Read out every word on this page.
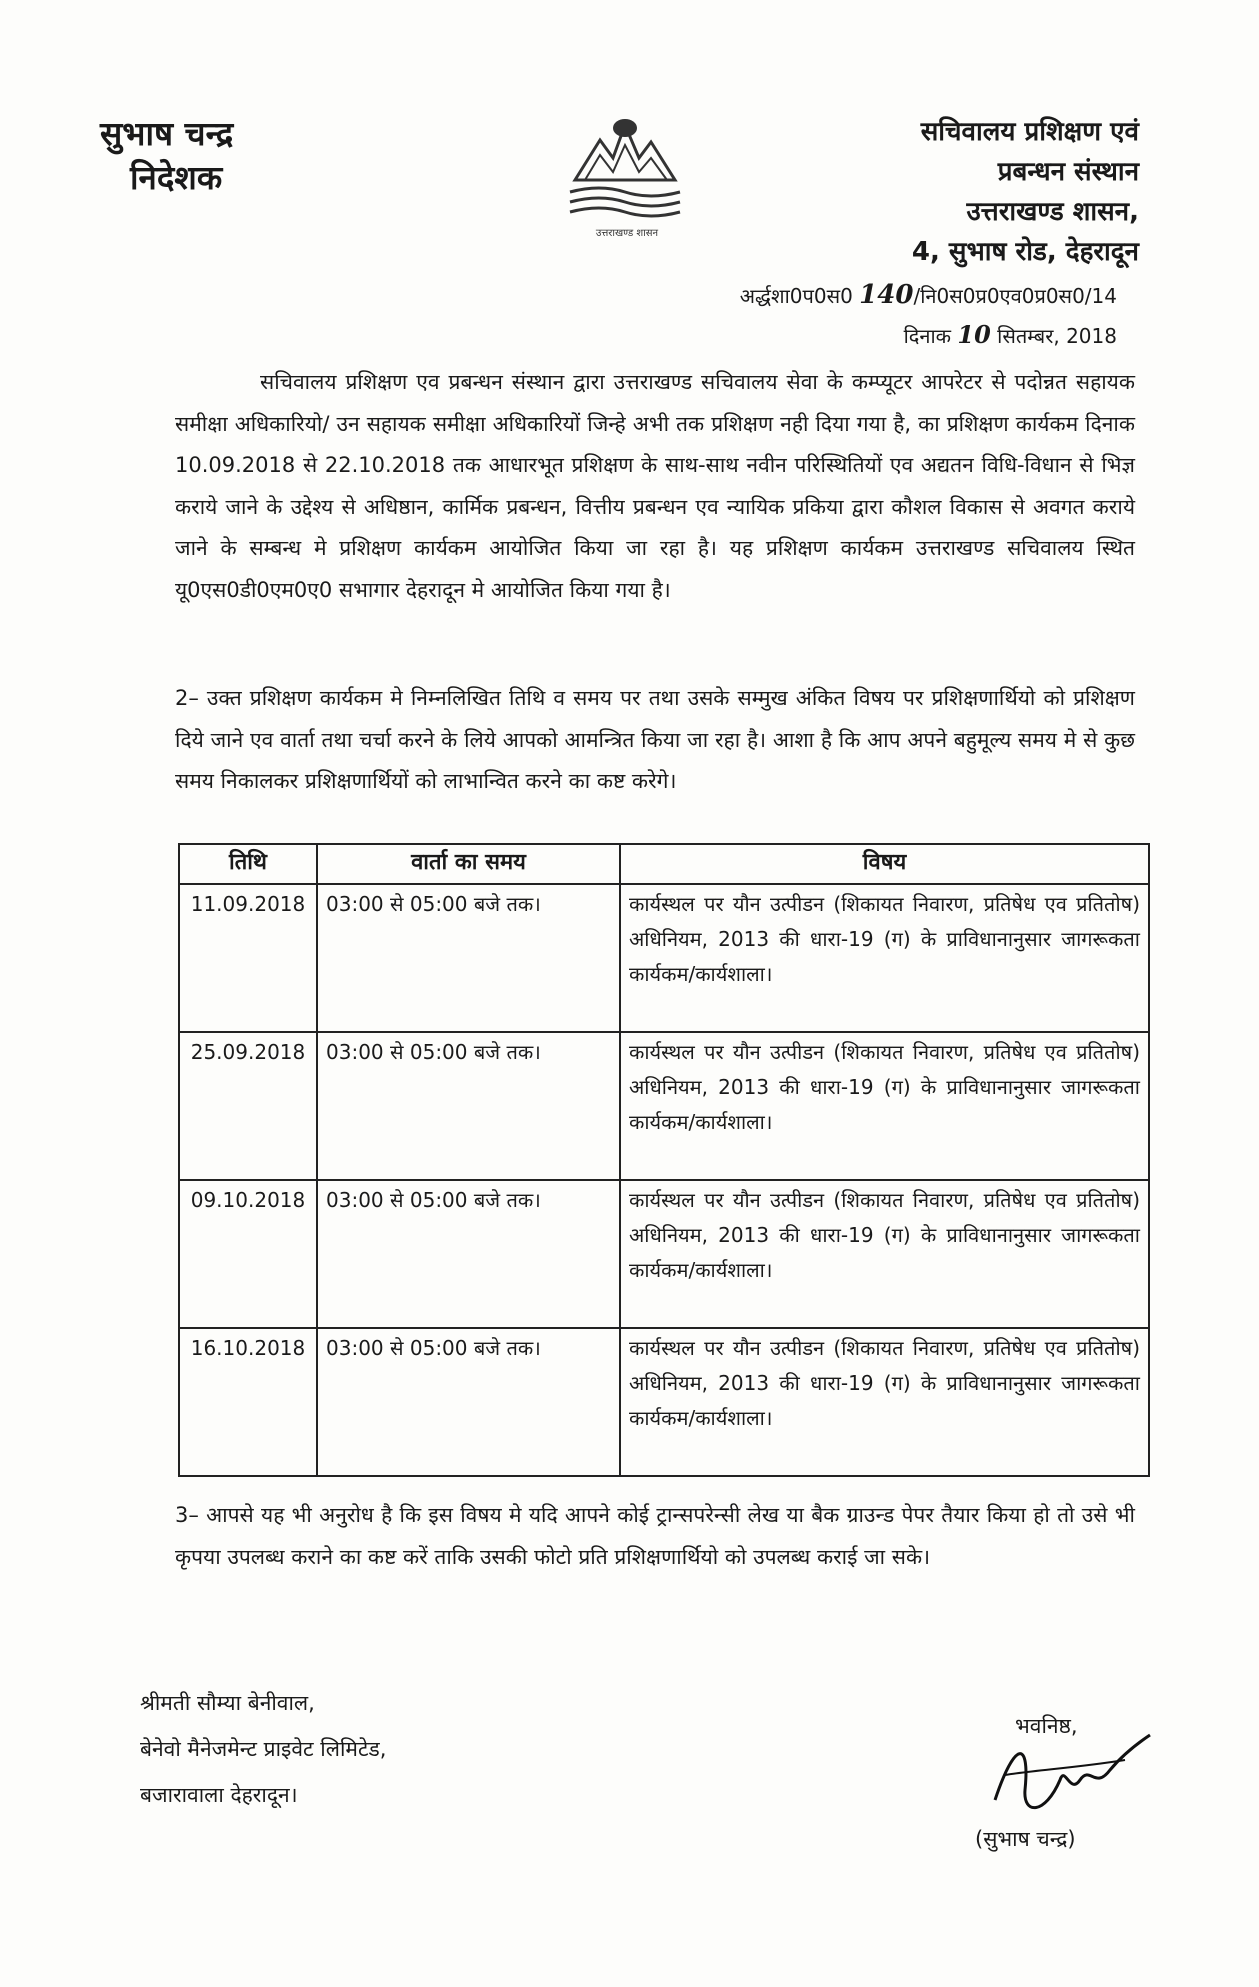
सुभाष चन्द्र
निदेशक
उत्तराखण्ड शासन
सचिवालय प्रशिक्षण एवं
प्रबन्धन संस्थान
उत्तराखण्ड शासन,
4, सुभाष रोड, देहरादून
अर्द्धशा0प0स0 140/नि0स0प्र0एव0प्र0स0/14
दिनाक 10 सितम्बर, 2018
सचिवालय प्रशिक्षण एव प्रबन्धन संस्थान द्वारा उत्तराखण्ड सचिवालय सेवा के कम्प्यूटर आपरेटर से पदोन्नत सहायक समीक्षा अधिकारियो/ उन सहायक समीक्षा अधिकारियों जिन्हे अभी तक प्रशिक्षण नही दिया गया है, का प्रशिक्षण कार्यकम दिनाक 10.09.2018 से 22.10.2018 तक आधारभूत प्रशिक्षण के साथ-साथ नवीन परिस्थितियों एव अद्यतन विधि-विधान से भिज्ञ कराये जाने के उद्देश्य से अधिष्ठान, कार्मिक प्रबन्धन, वित्तीय प्रबन्धन एव न्यायिक प्रकिया द्वारा कौशल विकास से अवगत कराये जाने के सम्बन्ध मे प्रशिक्षण कार्यकम आयोजित किया जा रहा है। यह प्रशिक्षण कार्यकम उत्तराखण्ड सचिवालय स्थित यू0एस0डी0एम0ए0 सभागार देहरादून मे आयोजित किया गया है।
2– उक्त प्रशिक्षण कार्यकम मे निम्नलिखित तिथि व समय पर तथा उसके सम्मुख अंकित विषय पर प्रशिक्षणार्थियो को प्रशिक्षण दिये जाने एव वार्ता तथा चर्चा करने के लिये आपको आमन्त्रित किया जा रहा है। आशा है कि आप अपने बहुमूल्य समय मे से कुछ समय निकालकर प्रशिक्षणार्थियों को लाभान्वित करने का कष्ट करेगे।
तिथि	वार्ता का समय	विषय
11.09.2018	03:00 से 05:00 बजे तक।	कार्यस्थल पर यौन उत्पीडन (शिकायत निवारण, प्रतिषेध एव प्रतितोष) अधिनियम, 2013 की धारा-19 (ग) के प्राविधानानुसार जागरूकता कार्यकम/कार्यशाला।
25.09.2018	03:00 से 05:00 बजे तक।	कार्यस्थल पर यौन उत्पीडन (शिकायत निवारण, प्रतिषेध एव प्रतितोष) अधिनियम, 2013 की धारा-19 (ग) के प्राविधानानुसार जागरूकता कार्यकम/कार्यशाला।
09.10.2018	03:00 से 05:00 बजे तक।	कार्यस्थल पर यौन उत्पीडन (शिकायत निवारण, प्रतिषेध एव प्रतितोष) अधिनियम, 2013 की धारा-19 (ग) के प्राविधानानुसार जागरूकता कार्यकम/कार्यशाला।
16.10.2018	03:00 से 05:00 बजे तक।	कार्यस्थल पर यौन उत्पीडन (शिकायत निवारण, प्रतिषेध एव प्रतितोष) अधिनियम, 2013 की धारा-19 (ग) के प्राविधानानुसार जागरूकता कार्यकम/कार्यशाला।
3– आपसे यह भी अनुरोध है कि इस विषय मे यदि आपने कोई ट्रान्सपरेन्सी लेख या बैक ग्राउन्ड पेपर तैयार किया हो तो उसे भी कृपया उपलब्ध कराने का कष्ट करें ताकि उसकी फोटो प्रति प्रशिक्षणार्थियो को उपलब्ध कराई जा सके।
श्रीमती सौम्या बेनीवाल,
बेनेवो मैनेजमेन्ट प्राइवेट लिमिटेड,
बजारावाला देहरादून।
भवनिष्ठ,
(सुभाष चन्द्र)
